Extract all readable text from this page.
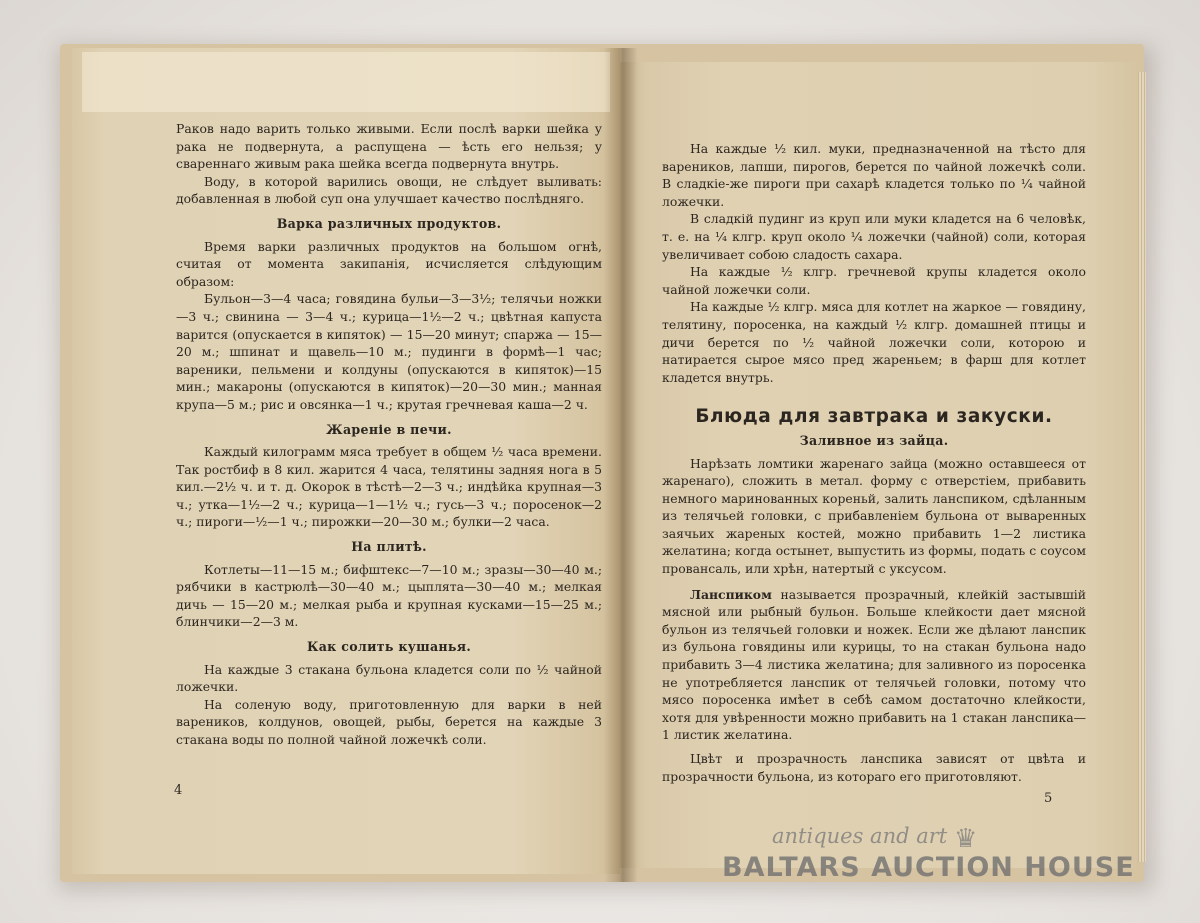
Раков надо варить только живыми. Если послѣ варки шейка у рака не подвернута, а распущена — ѣсть его нельзя; у свареннаго живым рака шейка всегда подвернута внутрь.

Воду, в которой варились овощи, не слѣдует выливать: добавленная в любой суп она улучшает качество послѣдняго.

Варка различных продуктов.

Время варки различных продуктов на большом огнѣ, считая от момента закипанія, исчисляется слѣдующим образом:

Бульон—3—4 часа; говядина бульи—3—3½; телячьи ножки—3 ч.; свинина — 3—4 ч.; курица—1½—2 ч.; цвѣтная капуста варится (опускается в кипяток) — 15—20 минут; спаржа — 15—20 м.; шпинат и щавель—10 м.; пудинги в формѣ—1 час; вареники, пельмени и колдуны (опускаются в кипяток)—15 мин.; макароны (опускаются в кипяток)—20—30 мин.; манная крупа—5 м.; рис и овсянка—1 ч.; крутая гречневая каша—2 ч.

Жареніе в печи.

Каждый килограмм мяса требует в общем ½ часа времени. Так ростбиф в 8 кил. жарится 4 часа, телятины задняя нога в 5 кил.—2½ ч. и т. д. Окорок в тѣстѣ—2—3 ч.; индѣйка крупная—3 ч.; утка—1½—2 ч.; курица—1—1½ ч.; гусь—3 ч.; поросенок—2 ч.; пироги—½—1 ч.; пирожки—20—30 м.; булки—2 часа.

На плитѣ.

Котлеты—11—15 м.; бифштекс—7—10 м.; зразы—30—40 м.; рябчики в кастрюлѣ—30—40 м.; цыплята—30—40 м.; мелкая дичь — 15—20 м.; мелкая рыба и крупная кусками—15—25 м.; блинчики—2—3 м.

Как солить кушанья.

На каждые 3 стакана бульона кладется соли по ½ чайной ложечки.

На соленую воду, приготовленную для варки в ней вареников, колдунов, овощей, рыбы, берется на каждые 3 стакана воды по полной чайной ложечкѣ соли.

4

На каждые ½ кил. муки, предназначенной на тѣсто для вареников, лапши, пирогов, берется по чайной ложечкѣ соли. В сладкіе-же пироги при сахарѣ кладется только по ¼ чайной ложечки.

В сладкій пудинг из круп или муки кладется на 6 человѣк, т. е. на ¼ клгр. круп около ¼ ложечки (чайной) соли, которая увеличивает собою сладость сахара.

На каждые ½ клгр. гречневой крупы кладется около чайной ложечки соли.

На каждые ½ клгр. мяса для котлет на жаркое — говядину, телятину, поросенка, на каждый ½ клгр. домашней птицы и дичи берется по ½ чайной ложечки соли, которою и натирается сырое мясо пред жареньем; в фарш для котлет кладется внутрь.

Блюда для завтрака и закуски.
Заливное из зайца.

Нарѣзать ломтики жаренаго зайца (можно оставшееся от жаренаго), сложить в метал. форму с отверстіем, прибавить немного маринованных кореньй, залить ланспиком, сдѣланным из телячьей головки, с прибавленіем бульона от вываренных заячьих жареных костей, можно прибавить 1—2 листика желатина; когда остынет, выпустить из формы, подать с соусом провансаль, или хрѣн, натертый с уксусом.

Ланспиком называется прозрачный, клейкій застывшій мясной или рыбный бульон. Больше клейкости дает мясной бульон из телячьей головки и ножек. Если же дѣлают ланспик из бульона говядины или курицы, то на стакан бульона надо прибавить 3—4 листика желатина; для заливного из поросенка не употребляется ланспик от телячьей головки, потому что мясо поросенка имѣет в себѣ самом достаточно клейкости, хотя для увѣренности можно прибавить на 1 стакан ланспика—1 листик желатина.

Цвѣт и прозрачность ланспика зависят от цвѣта и прозрачности бульона, из котораго его приготовляют.

5
antiques and art ♛
BALTARS AUCTION HOUSE
